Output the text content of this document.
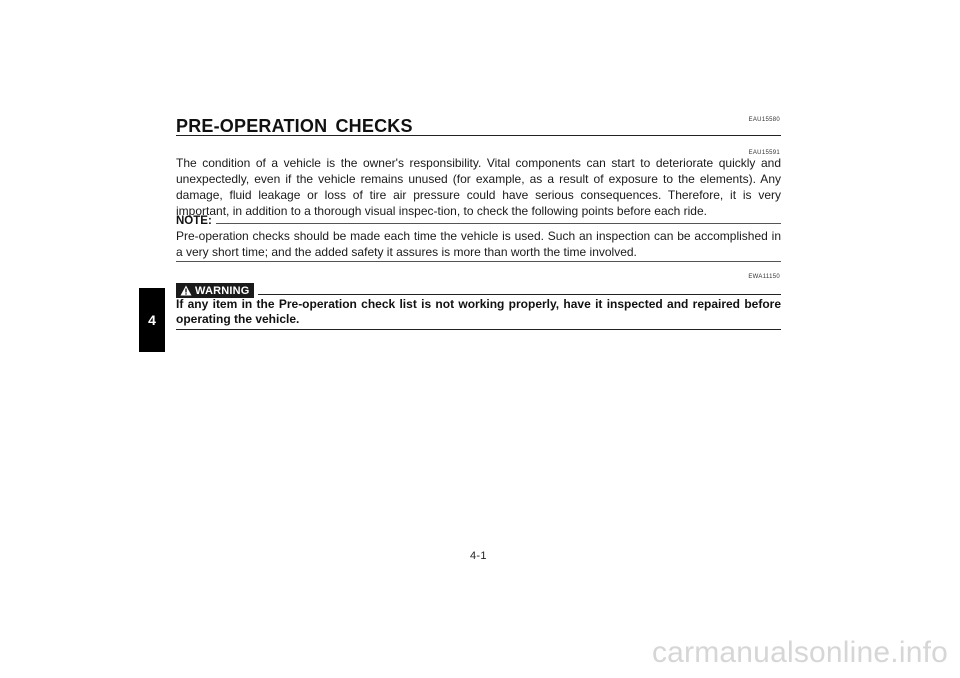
4
EAU15580
PRE-OPERATION CHECKS
EAU15591
The condition of a vehicle is the owner's responsibility. Vital components can start to deteriorate quickly and unexpectedly, even if the vehicle remains unused (for example, as a result of exposure to the elements). Any damage, fluid leakage or loss of tire air pressure could have serious consequences. Therefore, it is very important, in addition to a thorough visual inspec-tion, to check the following points before each ride.
NOTE:
Pre-operation checks should be made each time the vehicle is used. Such an inspection can be accomplished in a very short time; and the added safety it assures is more than worth the time involved.
EWA11150
WARNING
If any item in the Pre-operation check list is not working properly, have it inspected and repaired before operating the vehicle.
4-1
carmanualsonline.info
